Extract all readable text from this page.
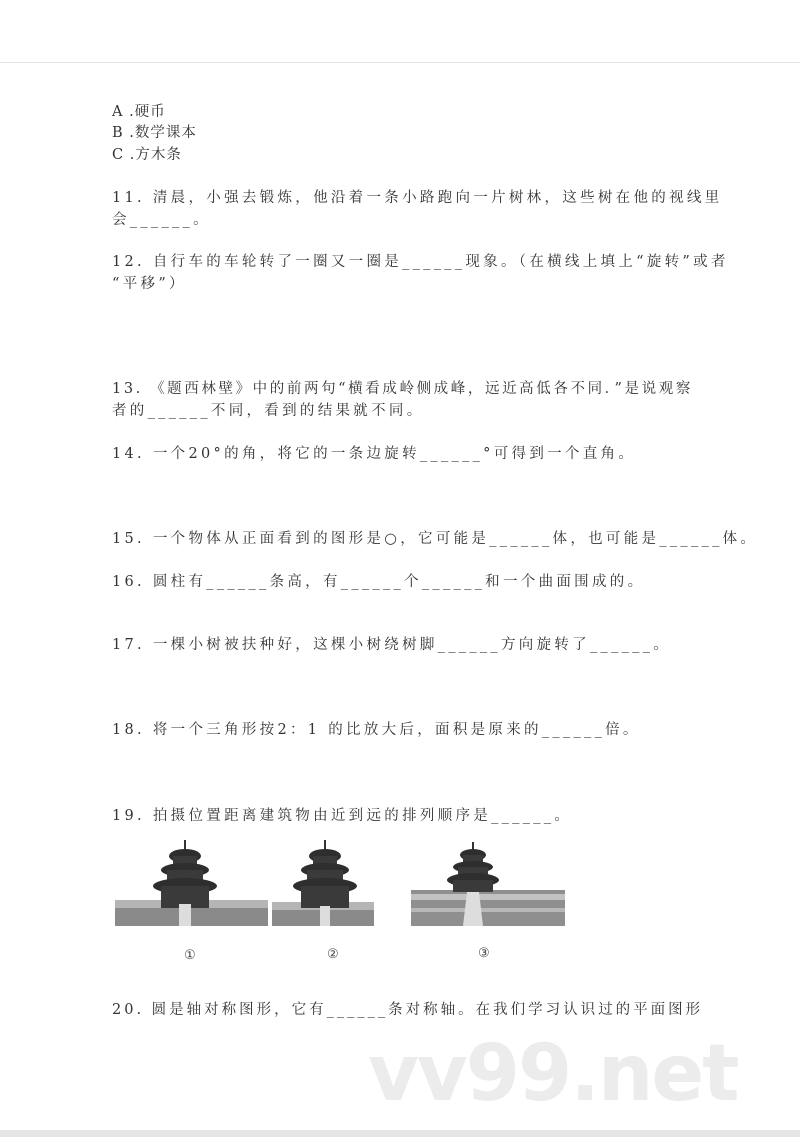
A .硬币
B .数学课本
C .方木条
11. 清晨，小强去锻炼，他沿着一条小路跑向一片树林，这些树在他的视线里
会______。
12. 自行车的车轮转了一圈又一圈是______现象。（在横线上填上“旋转”或者
“平移”）
13. 《题西林壁》中的前两句“横看成岭侧成峰，远近高低各不同．”是说观察
者的______不同，看到的结果就不同。
14. 一个20°的角，将它的一条边旋转______°可得到一个直角。
15. 一个物体从正面看到的图形是○，它可能是______体，也可能是______体。
16. 圆柱有______条高，有______个______和一个曲面围成的。
17. 一棵小树被扶种好，这棵小树绕树脚______方向旋转了______。
18. 将一个三角形按2：1 的比放大后，面积是原来的______倍。
19. 拍摄位置距离建筑物由近到远的排列顺序是______。
①	②	③
20. 圆是轴对称图形，它有______条对称轴。在我们学习认识过的平面图形
vv99.net
